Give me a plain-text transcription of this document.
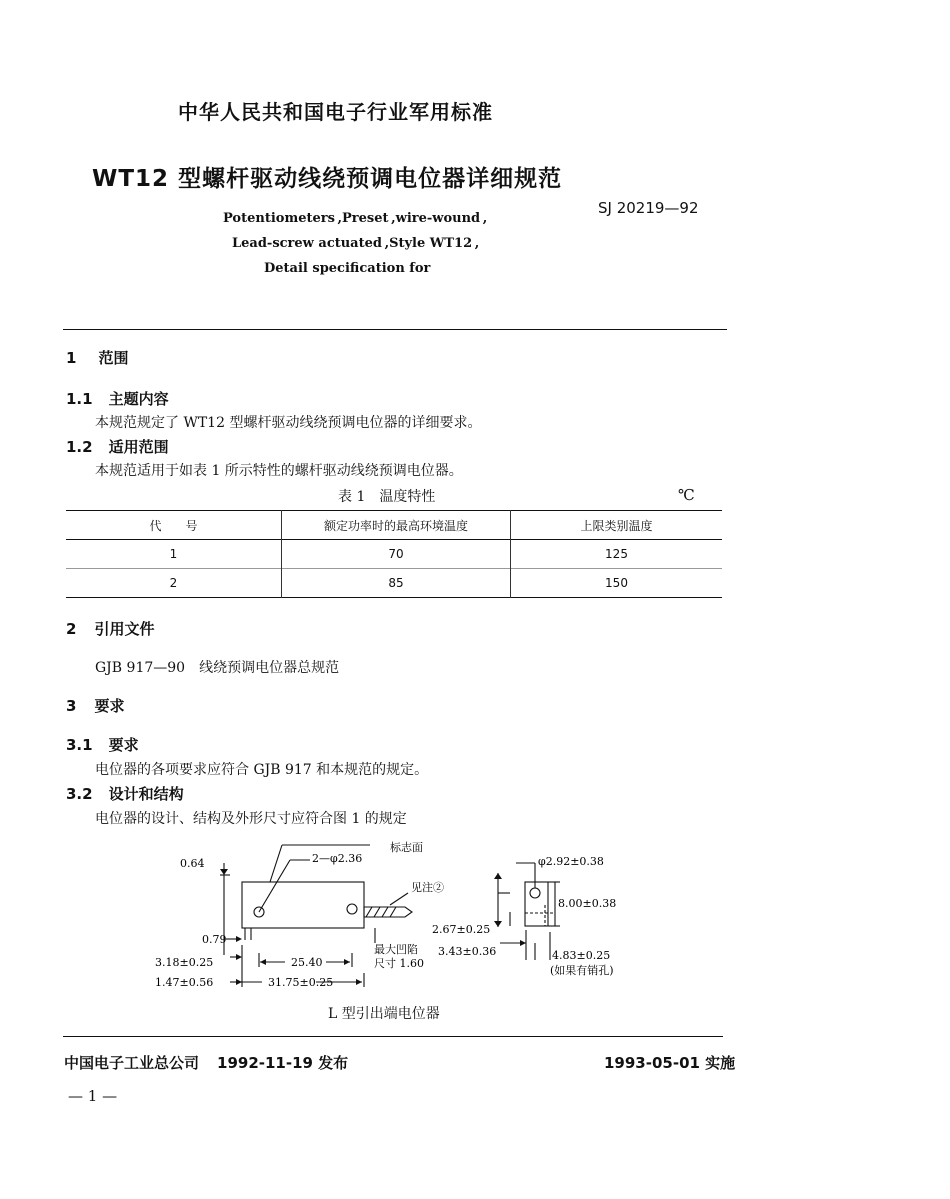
中华人民共和国电子行业军用标准
WT12 型螺杆驱动线绕预调电位器详细规范
SJ 20219—92
Potentiometers ,Preset ,wire-wound ,
Lead-screw actuated ,Style WT12 ,
Detail specification for
1 范围
1.1 主题内容
本规范规定了 WT12 型螺杆驱动线绕预调电位器的详细要求。
1.2 适用范围
本规范适用于如表 1 所示特性的螺杆驱动线绕预调电位器。
表 1　温度特性	℃
代　　号	额定功率时的最高环境温度	上限类别温度
1	70	125
2	85	150
2 引用文件
GJB 917—90 线绕预调电位器总规范
3 要求
3.1 要求
电位器的各项要求应符合 GJB 917 和本规范的规定。
3.2 设计和结构
电位器的设计、结构及外形尺寸应符合图 1 的规定
0.64
0.79
3.18±0.25
1.47±0.56
25.40
31.75±0.25
2—φ2.36
标志面
见注②
最大凹陷
尺寸 1.60
φ2.92±0.38
8.00±0.38
2.67±0.25
3.43±0.36	4.83±0.25
(如果有销孔)
L 型引出端电位器
中国电子工业总公司 1992-11-19 发布	1993-05-01 实施
— 1 —
